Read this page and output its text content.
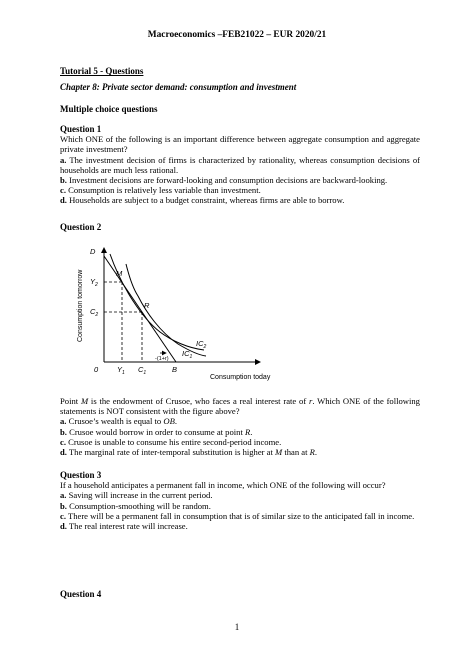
Macroeconomics –FEB21022 – EUR 2020/21
Tutorial 5 - Questions
Chapter 8: Private sector demand: consumption and investment
Multiple choice questions

Question 1

Which ONE of the following is an important difference between aggregate consumption and aggregate private investment?

a. The investment decision of firms is characterized by rationality, whereas consumption decisions of households are much less rational.

b. Investment decisions are forward-looking and consumption decisions are backward-looking.

c. Consumption is relatively less variable than investment.

d. Households are subject to a budget constraint, whereas firms are able to borrow.

Question 2
D
$Y_2$
$C_2$
0	$Y_1$ $C_1$	B
M
R
$IC_2$
$IC_1$
-(1+r)
Consumption today
Consumption tomorrow

Point M is the endowment of Crusoe, who faces a real interest rate of r. Which ONE of the following statements is NOT consistent with the figure above?

a. Crusoe’s wealth is equal to OB.

b. Crusoe would borrow in order to consume at point R.

c. Crusoe is unable to consume his entire second-period income.

d. The marginal rate of inter-temporal substitution is higher at M than at R.

Question 3

If a household anticipates a permanent fall in income, which ONE of the following will occur?

a. Saving will increase in the current period.

b. Consumption-smoothing will be random.

c. There will be a permanent fall in consumption that is of similar size to the anticipated fall in income.

d. The real interest rate will increase.

Question 4
1
